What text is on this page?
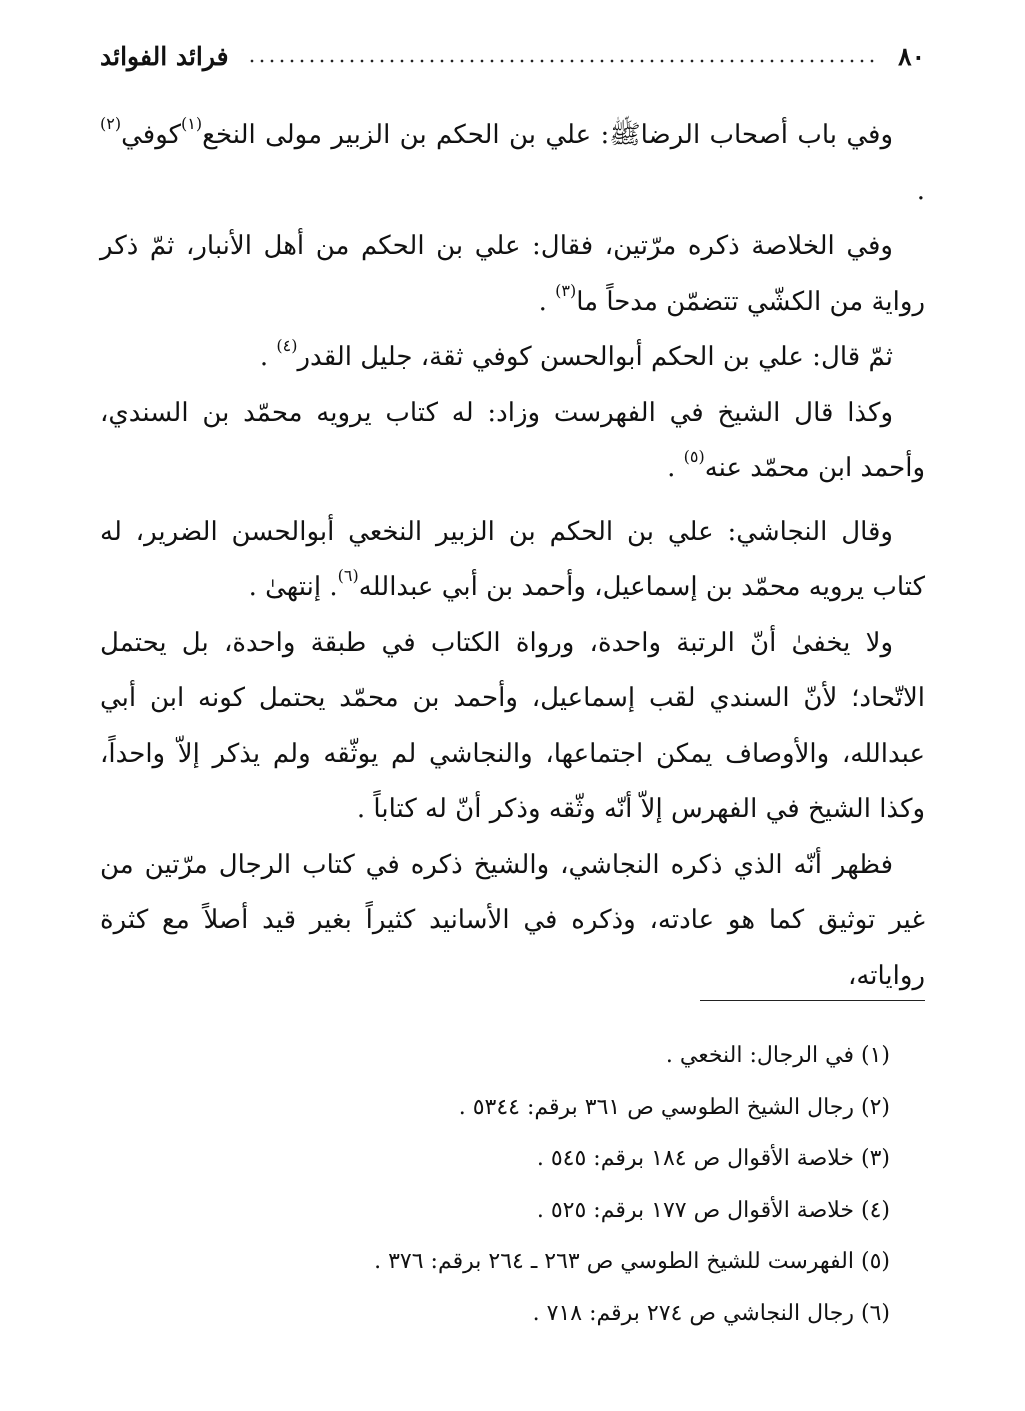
٨٠
فرائد الفوائد

وفي باب أصحاب الرضاﷺ: علي بن الحكم بن الزبير مولى النخع$^{(١)}$كوفي$^{(٢)}$ .

وفي الخلاصة ذكره مرّتين، فقال: علي بن الحكم من أهل الأنبار، ثمّ ذكر رواية من الكشّي تتضمّن مدحاً ما$^{(٣)}$ .

ثمّ قال: علي بن الحكم أبوالحسن كوفي ثقة، جليل القدر$^{(٤)}$ .

وكذا قال الشيخ في الفهرست وزاد: له كتاب يرويه محمّد بن السندي، وأحمد ابن محمّد عنه$^{(٥)}$ .

وقال النجاشي: علي بن الحكم بن الزبير النخعي أبوالحسن الضرير، له كتاب يرويه محمّد بن إسماعيل، وأحمد بن أبي عبدالله$^{(٦)}$. إنتهىٰ .

ولا يخفىٰ أنّ الرتبة واحدة، ورواة الكتاب في طبقة واحدة، بل يحتمل الاتّحاد؛ لأنّ السندي لقب إسماعيل، وأحمد بن محمّد يحتمل كونه ابن أبي عبدالله، والأوصاف يمكن اجتماعها، والنجاشي لم يوثّقه ولم يذكر إلاّ واحداً، وكذا الشيخ في الفهرس إلاّ أنّه وثّقه وذكر أنّ له كتاباً .

فظهر أنّه الذي ذكره النجاشي، والشيخ ذكره في كتاب الرجال مرّتين من غير توثيق كما هو عادته، وذكره في الأسانيد كثيراً بغير قيد أصلاً مع كثرة رواياته،

(١) في الرجال: النخعي .
(٢) رجال الشيخ الطوسي ص ٣٦١ برقم: ٥٣٤٤ .
(٣) خلاصة الأقوال ص ١٨٤ برقم: ٥٤٥ .
(٤) خلاصة الأقوال ص ١٧٧ برقم: ٥٢٥ .
(٥) الفهرست للشيخ الطوسي ص ٢٦٣ ـ ٢٦٤ برقم: ٣٧٦ .
(٦) رجال النجاشي ص ٢٧٤ برقم: ٧١٨ .
